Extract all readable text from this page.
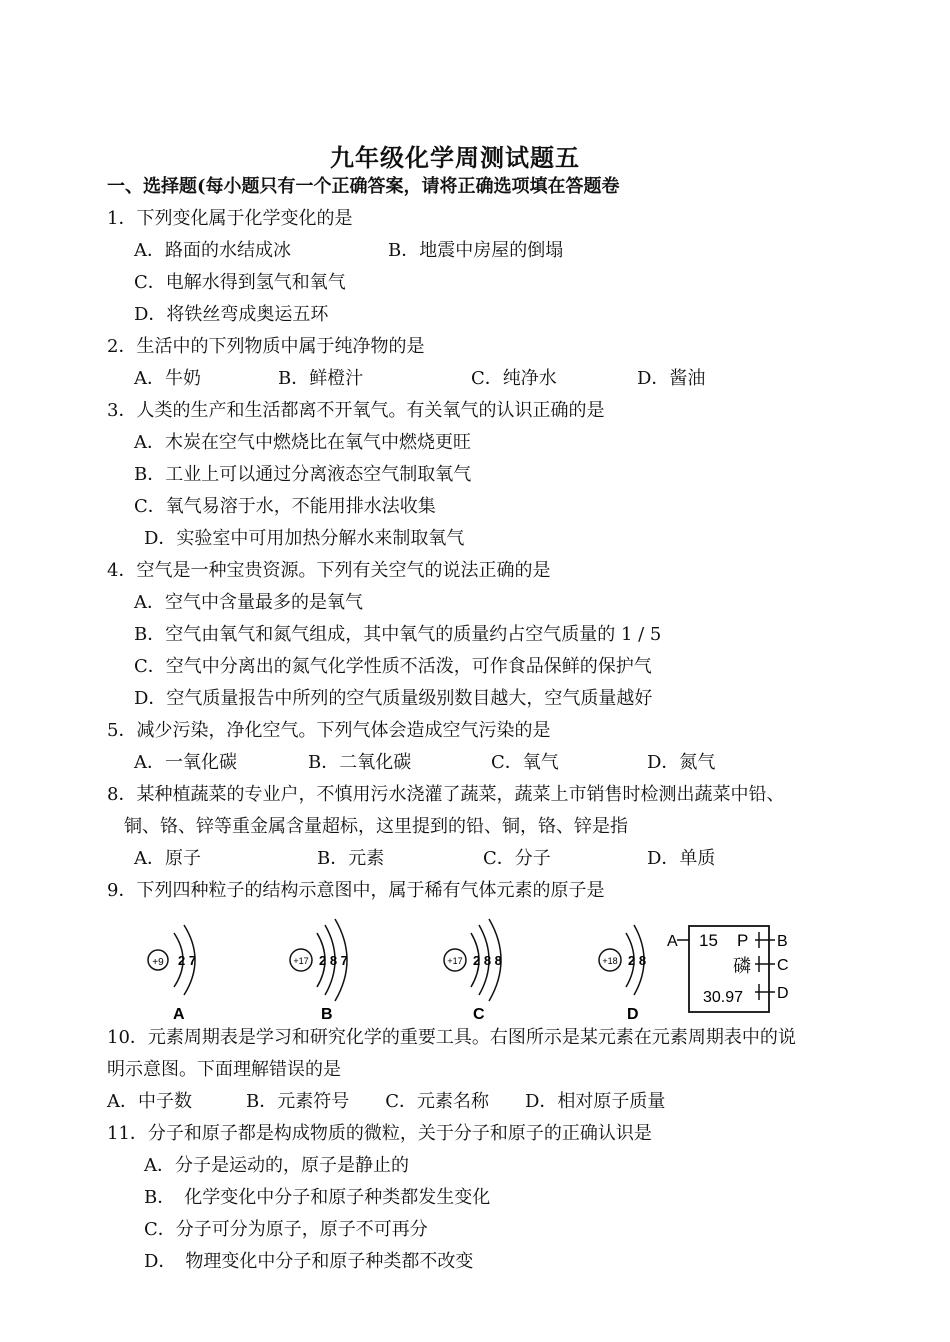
九年级化学周测试题五
一、选择题(每小题只有一个正确答案，请将正确选项填在答题卷
1．下列变化属于化学变化的是
A．路面的水结成冰	B．地震中房屋的倒塌
C．电解水得到氢气和氧气
D．将铁丝弯成奥运五环
2．生活中的下列物质中属于纯净物的是
A．牛奶	B．鲜橙汁	C．纯净水	D．酱油
3．人类的生产和生活都离不开氧气。有关氧气的认识正确的是
A．木炭在空气中燃烧比在氧气中燃烧更旺
B．工业上可以通过分离液态空气制取氧气
C．氧气易溶于水，不能用排水法收集
D．实验室中可用加热分解水来制取氧气
4．空气是一种宝贵资源。下列有关空气的说法正确的是
A．空气中含量最多的是氧气
B．空气由氧气和氮气组成，其中氧气的质量约占空气质量的 1 / 5
C．空气中分离出的氮气化学性质不活泼，可作食品保鲜的保护气
D．空气质量报告中所列的空气质量级别数目越大，空气质量越好
5．减少污染，净化空气。下列气体会造成空气污染的是
A．一氧化碳	B．二氧化碳	C．氧气	D．氮气
8．某种植蔬菜的专业户，不慎用污水浇灌了蔬菜，蔬菜上市销售时检测出蔬菜中铅、
铜、铬、锌等重金属含量超标，这里提到的铅、铜，铬、锌是指
A．原子	B．元素	C．分子	D．单质
9．下列四种粒子的结构示意图中，属于稀有气体元素的原子是
+9 2 7
A
+17 2 8 7
B
+17 2 8 8
C
+18 2 8
D
A 15 P B
磷 C
30.97 D
10．元素周期表是学习和研究化学的重要工具。右图所示是某元素在元素周期表中的说
明示意图。下面理解错误的是
A．中子数　　　B．元素符号　　C．元素名称　　D．相对原子质量
11．分子和原子都是构成物质的微粒，关于分子和原子的正确认识是
A．分子是运动的，原子是静止的
B．　化学变化中分子和原子种类都发生变化
C．分子可分为原子，原子不可再分
D．　物理变化中分子和原子种类都不改变
